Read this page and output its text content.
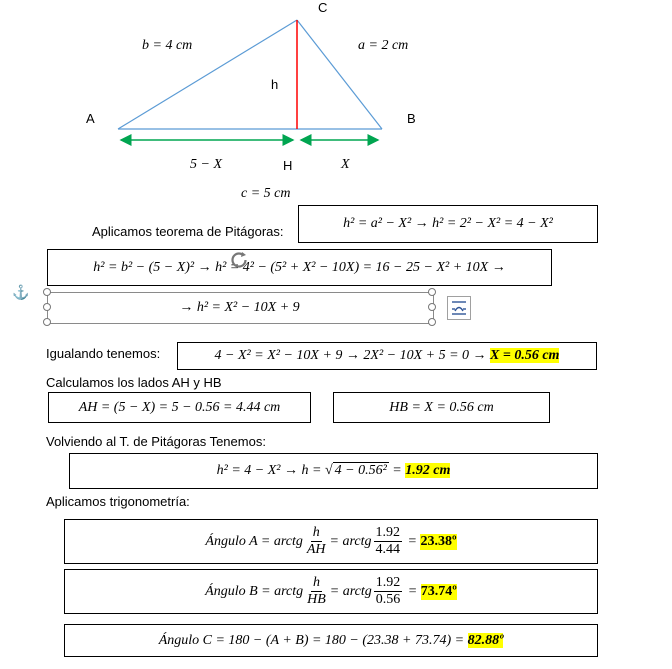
C
A	B
h
b = 4 cm	a = 2 cm
5 − X	H	X
c = 5 cm
Aplicamos teorema de Pitágoras:
h² = a² − X² → h² = 2² − X² = 4 − X²
h² = b² − (5 − X)² → h² = 4² − (5² + X² − 10X) = 16 − 25 − X² + 10X →
⚓
→ h² = X² − 10X + 9
Igualando tenemos:	4 − X² = X² − 10X + 9 → 2X² − 10X + 5 = 0 → X = 0.56 cm
Calculamos los lados AH y HB
AH = (5 − X) = 5 − 0.56 = 4.44 cm	HB = X = 0.56 cm
Volviendo al T. de Pitágoras Tenemos:
h² = 4 − X² → h = √ 4 − 0.56² = 1.92 cm
Aplicamos trigonometría:
Ángulo A = arctg $\frac{h}{AH}$ = arctg $\frac{1.92}{4.44}$ = 23.38º
Ángulo B = arctg $\frac{h}{HB}$ = arctg $\frac{1.92}{0.56}$ = 73.74º
Ángulo C = 180 − (A + B) = 180 − (23.38 + 73.74) = 82.88º
